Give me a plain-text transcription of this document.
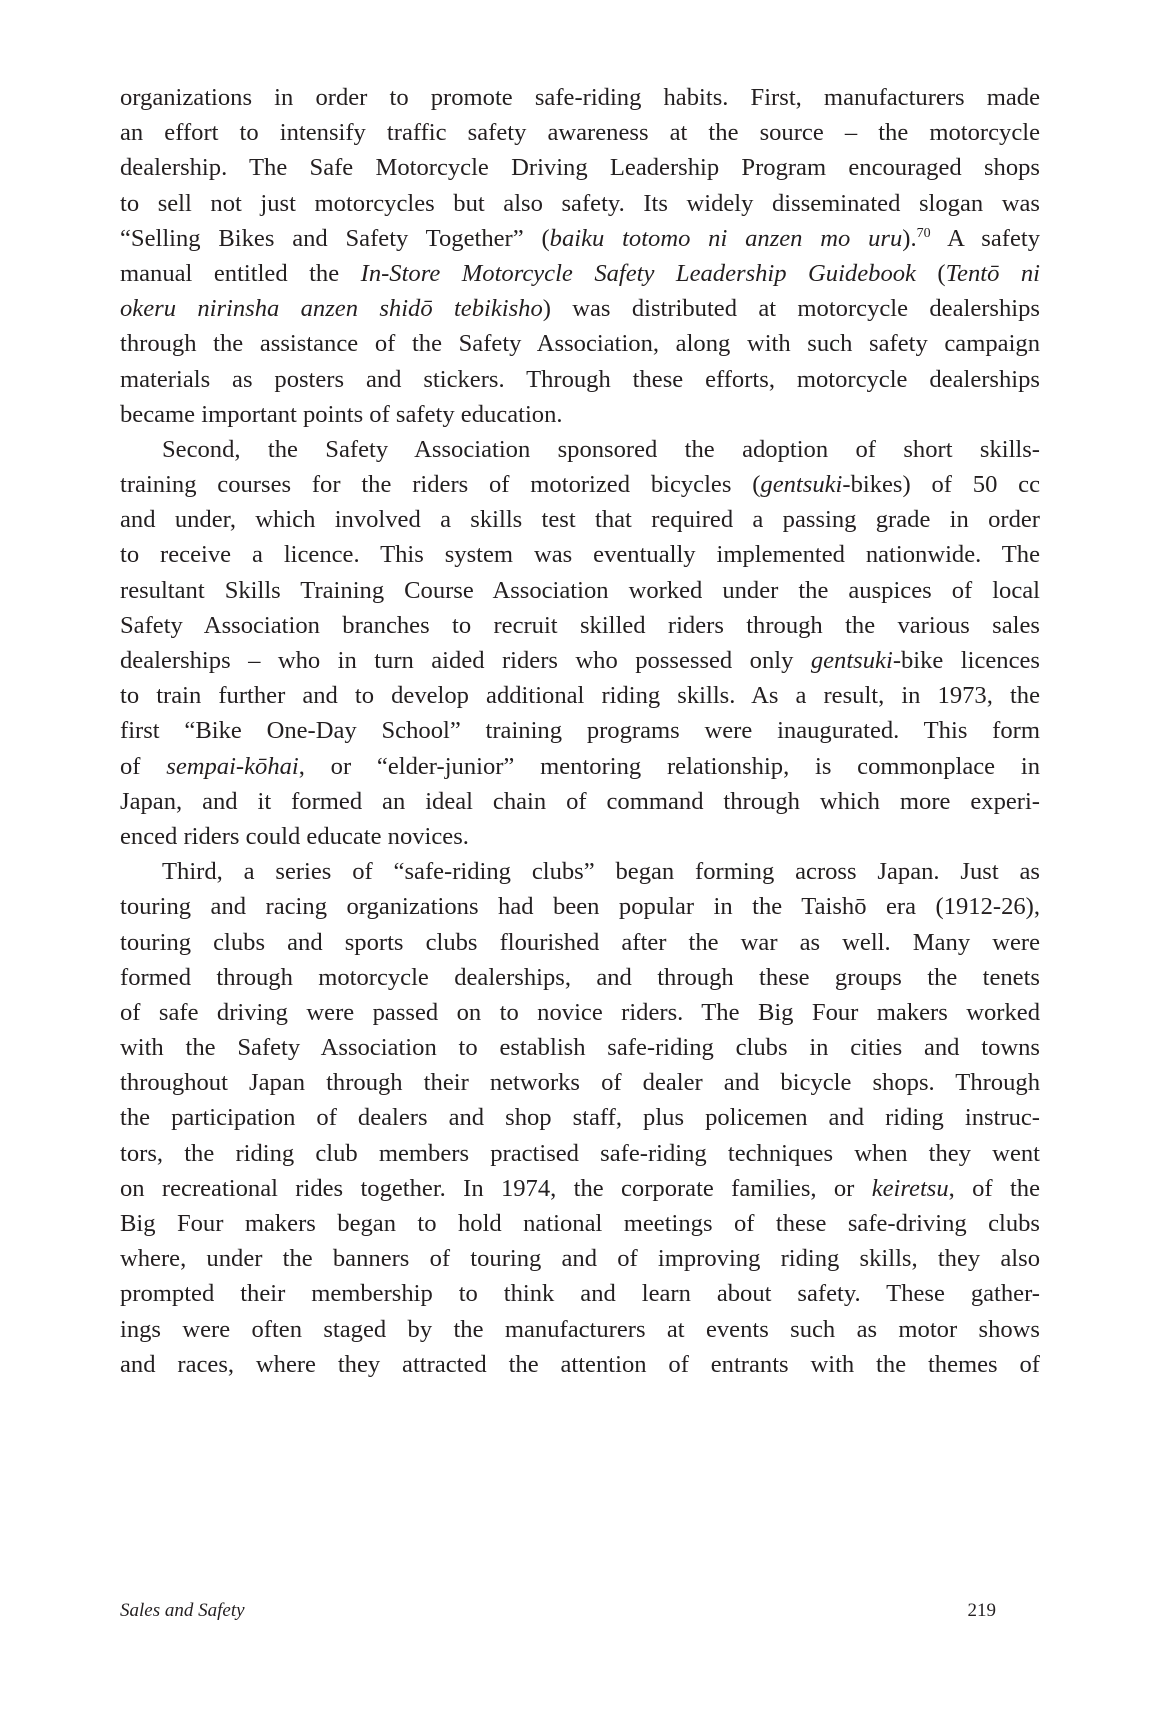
organizations in order to promote safe-riding habits. First, manufacturers made
an effort to intensify traffic safety awareness at the source – the motorcycle
dealership. The Safe Motorcycle Driving Leadership Program encouraged shops
to sell not just motorcycles but also safety. Its widely disseminated slogan was
“Selling Bikes and Safety Together” (baiku totomo ni anzen mo uru).$^{70}$ A safety
manual entitled the In-Store Motorcycle Safety Leadership Guidebook (Tentō ni
okeru nirinsha anzen shidō tebikisho) was distributed at motorcycle dealerships
through the assistance of the Safety Association, along with such safety campaign
materials as posters and stickers. Through these efforts, motorcycle dealerships
became important points of safety education.
Second, the Safety Association sponsored the adoption of short skills-
training courses for the riders of motorized bicycles (gentsuki-bikes) of 50 cc
and under, which involved a skills test that required a passing grade in order
to receive a licence. This system was eventually implemented nationwide. The
resultant Skills Training Course Association worked under the auspices of local
Safety Association branches to recruit skilled riders through the various sales
dealerships – who in turn aided riders who possessed only gentsuki-bike licences
to train further and to develop additional riding skills. As a result, in 1973, the
first “Bike One-Day School” training programs were inaugurated. This form
of sempai-kōhai, or “elder-junior” mentoring relationship, is commonplace in
Japan, and it formed an ideal chain of command through which more experi-
enced riders could educate novices.
Third, a series of “safe-riding clubs” began forming across Japan. Just as
touring and racing organizations had been popular in the Taishō era (1912-26),
touring clubs and sports clubs flourished after the war as well. Many were
formed through motorcycle dealerships, and through these groups the tenets
of safe driving were passed on to novice riders. The Big Four makers worked
with the Safety Association to establish safe-riding clubs in cities and towns
throughout Japan through their networks of dealer and bicycle shops. Through
the participation of dealers and shop staff, plus policemen and riding instruc-
tors, the riding club members practised safe-riding techniques when they went
on recreational rides together. In 1974, the corporate families, or keiretsu, of the
Big Four makers began to hold national meetings of these safe-driving clubs
where, under the banners of touring and of improving riding skills, they also
prompted their membership to think and learn about safety. These gather-
ings were often staged by the manufacturers at events such as motor shows
and races, where they attracted the attention of entrants with the themes of
Sales and Safety	219
